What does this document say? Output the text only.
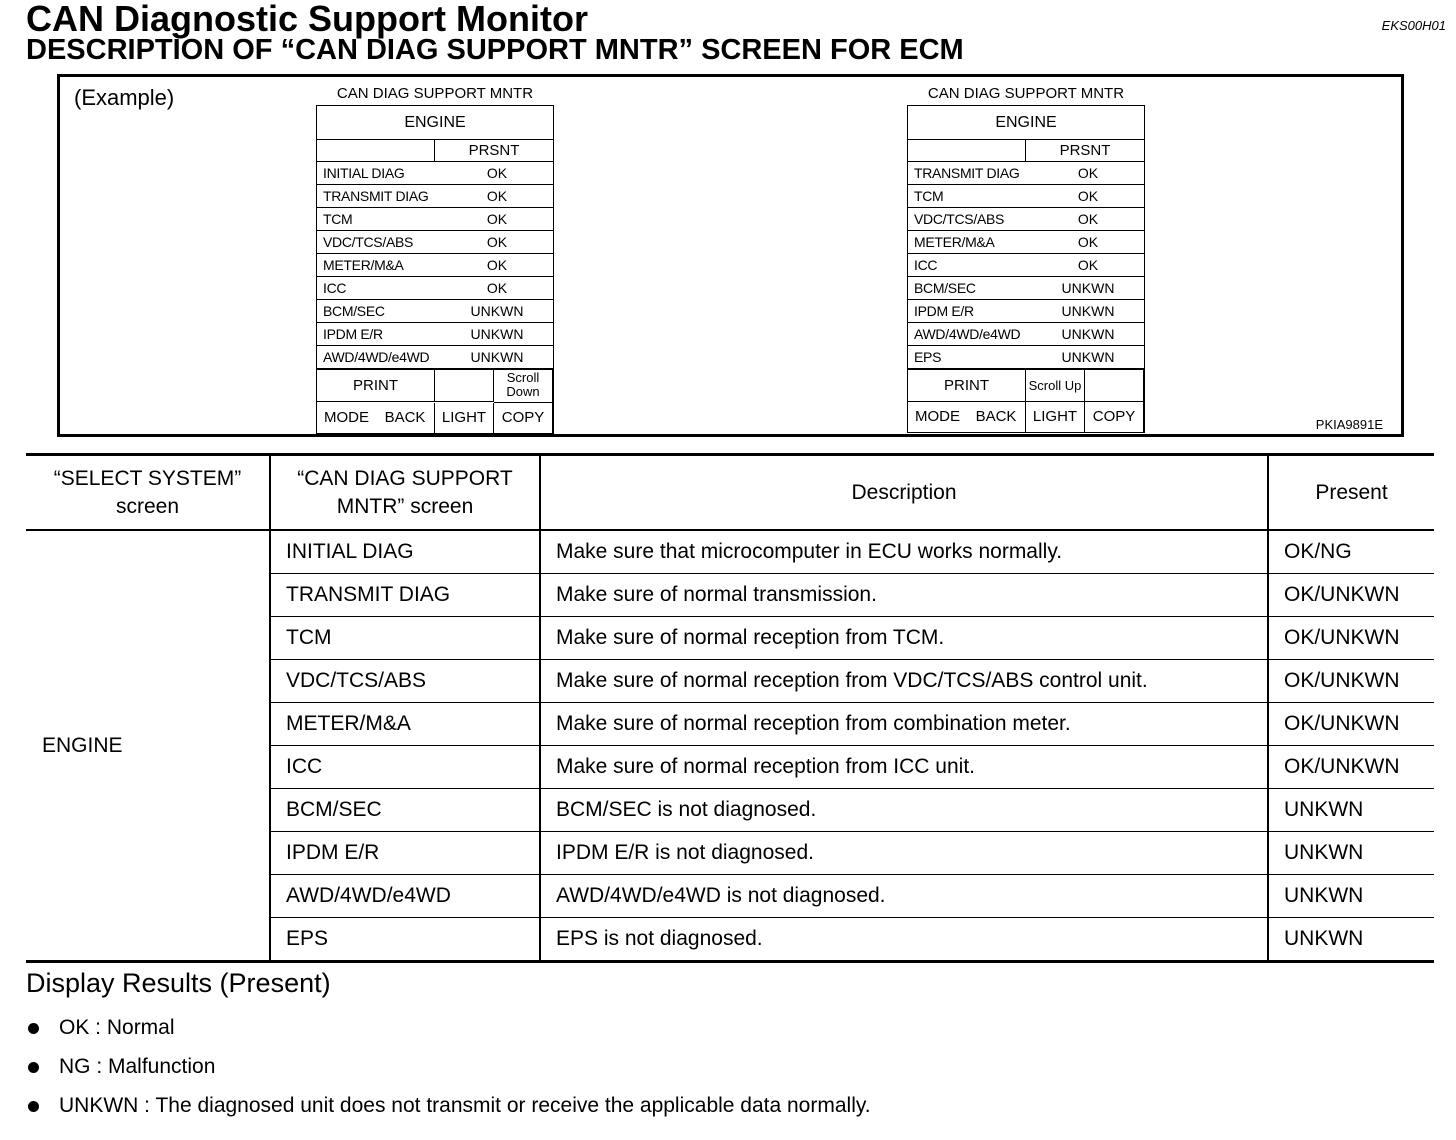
CAN Diagnostic Support Monitor
DESCRIPTION OF “CAN DIAG SUPPORT MNTR” SCREEN FOR ECM
EKS00H01
(Example)	CAN DIAG SUPPORT MNTR
ENGINE
PRSNT
INITIAL DIAG	OK
TRANSMIT DIAG	OK
TCM	OK
VDC/TCS/ABS	OK
METER/M&A	OK
ICC	OK
BCM/SEC	UNKWN
IPDM E/R	UNKWN
AWD/4WD/e4WD	UNKWN
PRINT	Scroll
Down
MODE	BACK	LIGHT	COPY
CAN DIAG SUPPORT MNTR
ENGINE
PRSNT
TRANSMIT DIAG	OK
TCM	OK
VDC/TCS/ABS	OK
METER/M&A	OK
ICC	OK
BCM/SEC	UNKWN
IPDM E/R	UNKWN
AWD/4WD/e4WD	UNKWN
EPS	UNKWN
PRINT	Scroll Up
MODE	BACK	LIGHT	COPY	PKIA9891E
“SELECT SYSTEM”
screen	“CAN DIAG SUPPORT
MNTR” screen	Description	Present
ENGINE	INITIAL DIAG	Make sure that microcomputer in ECU works normally.	OK/NG
	TRANSMIT DIAG	Make sure of normal transmission.	OK/UNKWN
	TCM	Make sure of normal reception from TCM.	OK/UNKWN
	VDC/TCS/ABS	Make sure of normal reception from VDC/TCS/ABS control unit.	OK/UNKWN
	METER/M&A	Make sure of normal reception from combination meter.	OK/UNKWN
	ICC	Make sure of normal reception from ICC unit.	OK/UNKWN
	BCM/SEC	BCM/SEC is not diagnosed.	UNKWN
	IPDM E/R	IPDM E/R is not diagnosed.	UNKWN
	AWD/4WD/e4WD	AWD/4WD/e4WD is not diagnosed.	UNKWN
	EPS	EPS is not diagnosed.	UNKWN
Display Results (Present)
OK : Normal
NG : Malfunction
UNKWN : The diagnosed unit does not transmit or receive the applicable data normally.
